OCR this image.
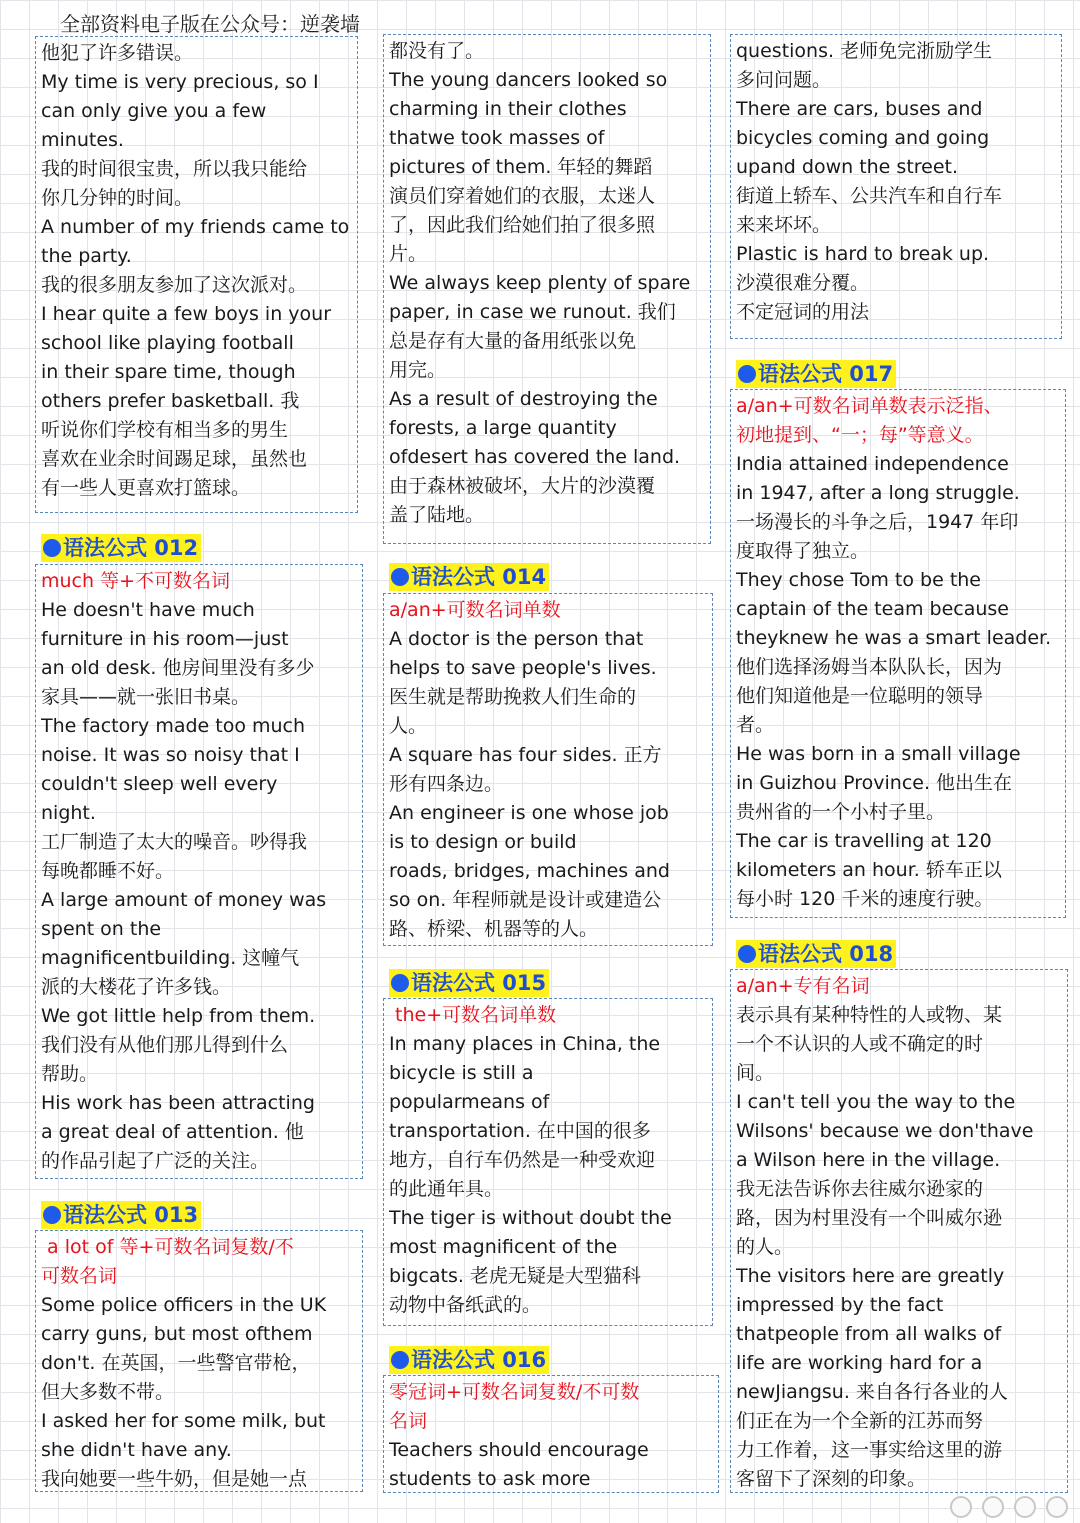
全部资料电子版在公众号：逆袭墙
他犯了许多错误。
My time is very precious, so I
can only give you a few
minutes.
我的时间很宝贵，所以我只能给
你几分钟的时间。
A number of my friends came to
the party.
我的很多朋友参加了这次派对。
I hear quite a few boys in your
school like playing football
in their spare time, though
others prefer basketball. 我
听说你们学校有相当多的男生
喜欢在业余时间踢足球，虽然也
有一些人更喜欢打篮球。
语法公式 012
much 等+不可数名词
He doesn't have much
furniture in his room—just
an old desk. 他房间里没有多少
家具——就一张旧书桌。
The factory made too much
noise. It was so noisy that I
couldn't sleep well every
night.
工厂制造了太大的噪音。吵得我
每晚都睡不好。
A large amount of money was
spent on the
magnificentbuilding. 这幢气
派的大楼花了许多钱。
We got little help from them.
我们没有从他们那儿得到什么
帮助。
His work has been attracting
a great deal of attention. 他
的作品引起了广泛的关注。
语法公式 013
a lot of 等+可数名词复数/不
可数名词
Some police officers in the UK
carry guns, but most ofthem
don't. 在英国，一些警官带枪，
但大多数不带。
I asked her for some milk, but
she didn't have any.
我向她要一些牛奶，但是她一点
都没有了。
The young dancers looked so
charming in their clothes
thatwe took masses of
pictures of them. 年轻的舞蹈
演员们穿着她们的衣服，太迷人
了，因此我们给她们拍了很多照
片。
We always keep plenty of spare
paper, in case we runout. 我们
总是存有大量的备用纸张以免
用完。
As a result of destroying the
forests, a large quantity
ofdesert has covered the land.
由于森林被破坏，大片的沙漠覆
盖了陆地。
语法公式 014
a/an+可数名词单数
A doctor is the person that
helps to save people's lives.
医生就是帮助挽救人们生命的
人。
A square has four sides. 正方
形有四条边。
An engineer is one whose job
is to design or build
roads, bridges, machines and
so on. 年程师就是设计或建造公
路、桥梁、机器等的人。
语法公式 015
the+可数名词单数
In many places in China, the
bicycle is still a
popularmeans of
transportation. 在中国的很多
地方，自行车仍然是一种受欢迎
的此通年具。
The tiger is without doubt the
most magnificent of the
bigcats. 老虎无疑是大型猫科
动物中备纸武的。
语法公式 016
零冠词+可数名词复数/不可数
名词
Teachers should encourage
students to ask more
questions. 老师免完浙励学生
多问问题。
There are cars, buses and
bicycles coming and going
upand down the street.
街道上轿车、公共汽车和自行车
来来坏坏。
Plastic is hard to break up.
沙漠很难分覆。
不定冠词的用法
语法公式 017
a/an+可数名词单数表示泛指、
初地提到、“一；每”等意义。
India attained independence
in 1947, after a long struggle.
一场漫长的斗争之后，1947 年印
度取得了独立。
They chose Tom to be the
captain of the team because
theyknew he was a smart leader.
他们选择汤姆当本队队长，因为
他们知道他是一位聪明的领导
者。
He was born in a small village
in Guizhou Province. 他出生在
贵州省的一个小村子里。
The car is travelling at 120
kilometers an hour. 轿车正以
每小时 120 千米的速度行驶。
语法公式 018
a/an+专有名词
表示具有某种特性的人或物、某
一个不认识的人或不确定的时
间。
I can't tell you the way to the
Wilsons' because we don'thave
a Wilson here in the village.
我无法告诉你去往威尔逊家的
路，因为村里没有一个叫威尔逊
的人。
The visitors here are greatly
impressed by the fact
thatpeople from all walks of
life are working hard for a
newJiangsu. 来自各行各业的人
们正在为一个全新的江苏而努
力工作着，这一事实给这里的游
客留下了深刻的印象。
